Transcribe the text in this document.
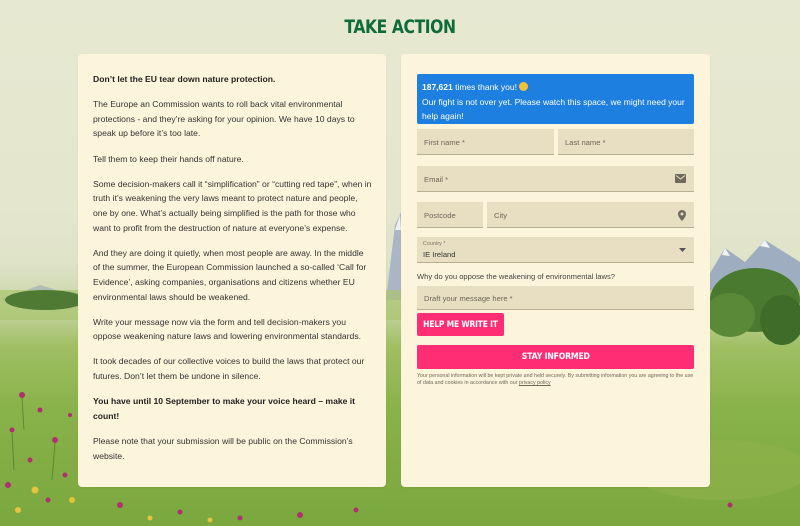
TAKE ACTION

Don’t let the EU tear down nature protection.

The Europe an Commission wants to roll back vital environmental protections - and they’re asking for your opinion. We have 10 days to speak up before it’s too late.

Tell them to keep their hands off nature.

Some decision-makers call it “simplification” or “cutting red tape”, when in truth it’s weakening the very laws meant to protect nature and people, one by one. What’s actually being simplified is the path for those who want to profit from the destruction of nature at everyone’s expense.

And they are doing it quietly, when most people are away. In the middle of the summer, the European Commission launched a so-called ‘Call for Evidence’, asking companies, organisations and citizens whether EU environmental laws should be weakened.

Write your message now via the form and tell decision-makers you oppose weakening nature laws and lowering environmental standards.

It took decades of our collective voices to build the laws that protect our futures. Don’t let them be undone in silence.

You have until 10 September to make your voice heard – make it count!

Please note that your submission will be public on the Commission’s website.

187,621 times thank you!
Our fight is not over yet. Please watch this space, we might need your help again!
First name *	Last name *
Email *
Postcode	City
Country *
IE Ireland
Why do you oppose the weakening of environmental laws?
Draft your message here *
HELP ME WRITE IT
STAY INFORMED
Your personal information will be kept private and held securely. By submitting information you are agreeing to the use of data and cookies in accordance with our privacy policy
